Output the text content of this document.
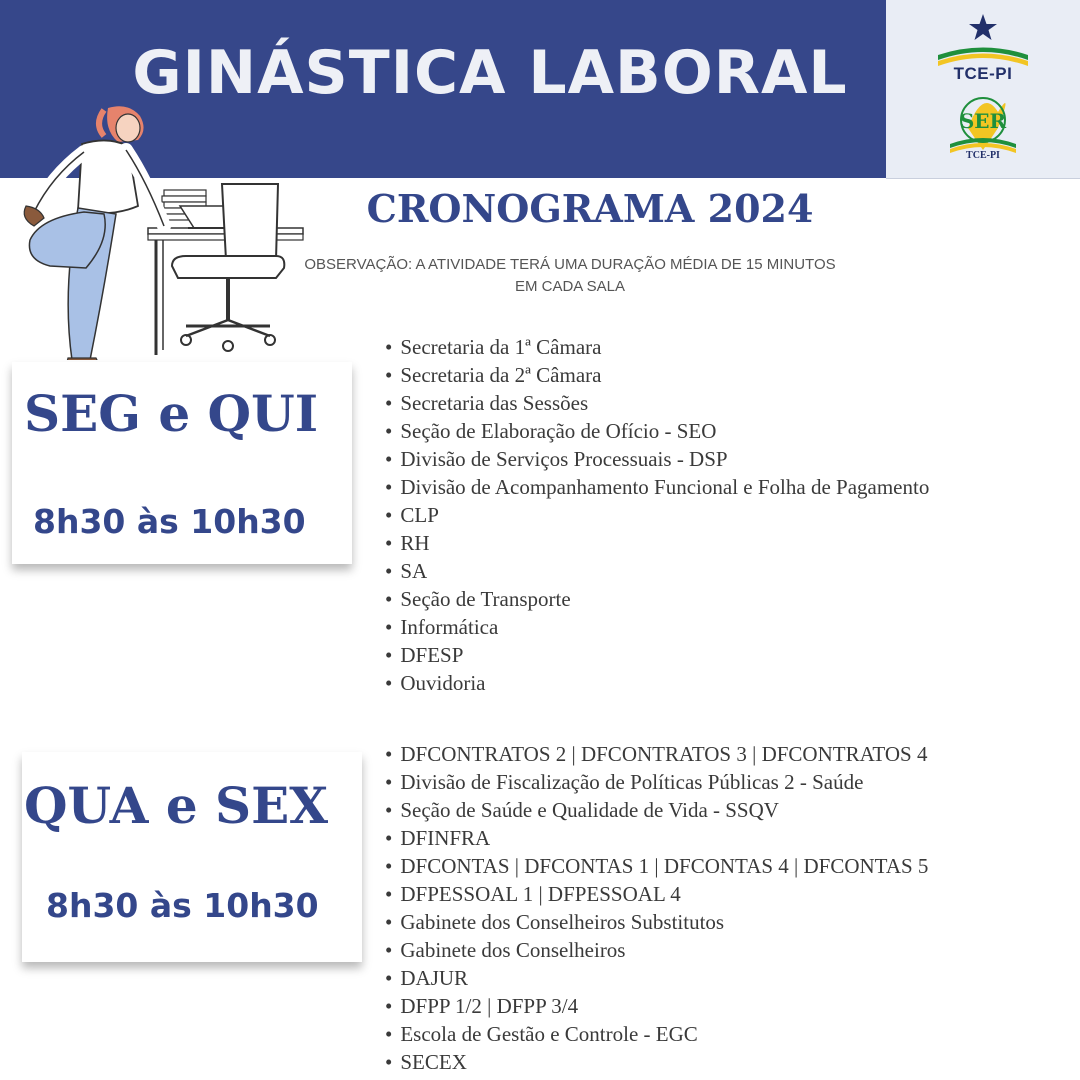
GINÁSTICA LABORAL	TCE-PI
SER
TCE-PI
CRONOGRAMA 2024
OBSERVAÇÃO: A ATIVIDADE TERÁ UMA DURAÇÃO MÉDIA DE 15 MINUTOS
EM CADA SALA
SEG e QUI
8h30 às 10h30
• Secretaria da 1ª Câmara
• Secretaria da 2ª Câmara
• Secretaria das Sessões
• Seção de Elaboração de Ofício - SEO
• Divisão de Serviços Processuais - DSP
• Divisão de Acompanhamento Funcional e Folha de Pagamento
• CLP
• RH
• SA
• Seção de Transporte
• Informática
• DFESP
• Ouvidoria
QUA e SEX
8h30 às 10h30
• DFCONTRATOS 2 | DFCONTRATOS 3 | DFCONTRATOS 4
• Divisão de Fiscalização de Políticas Públicas 2 - Saúde
• Seção de Saúde e Qualidade de Vida - SSQV
• DFINFRA
• DFCONTAS | DFCONTAS 1 | DFCONTAS 4 | DFCONTAS 5
• DFPESSOAL 1 | DFPESSOAL 4
• Gabinete dos Conselheiros Substitutos
• Gabinete dos Conselheiros
• DAJUR
• DFPP 1/2 | DFPP 3/4
• Escola de Gestão e Controle - EGC
• SECEX
